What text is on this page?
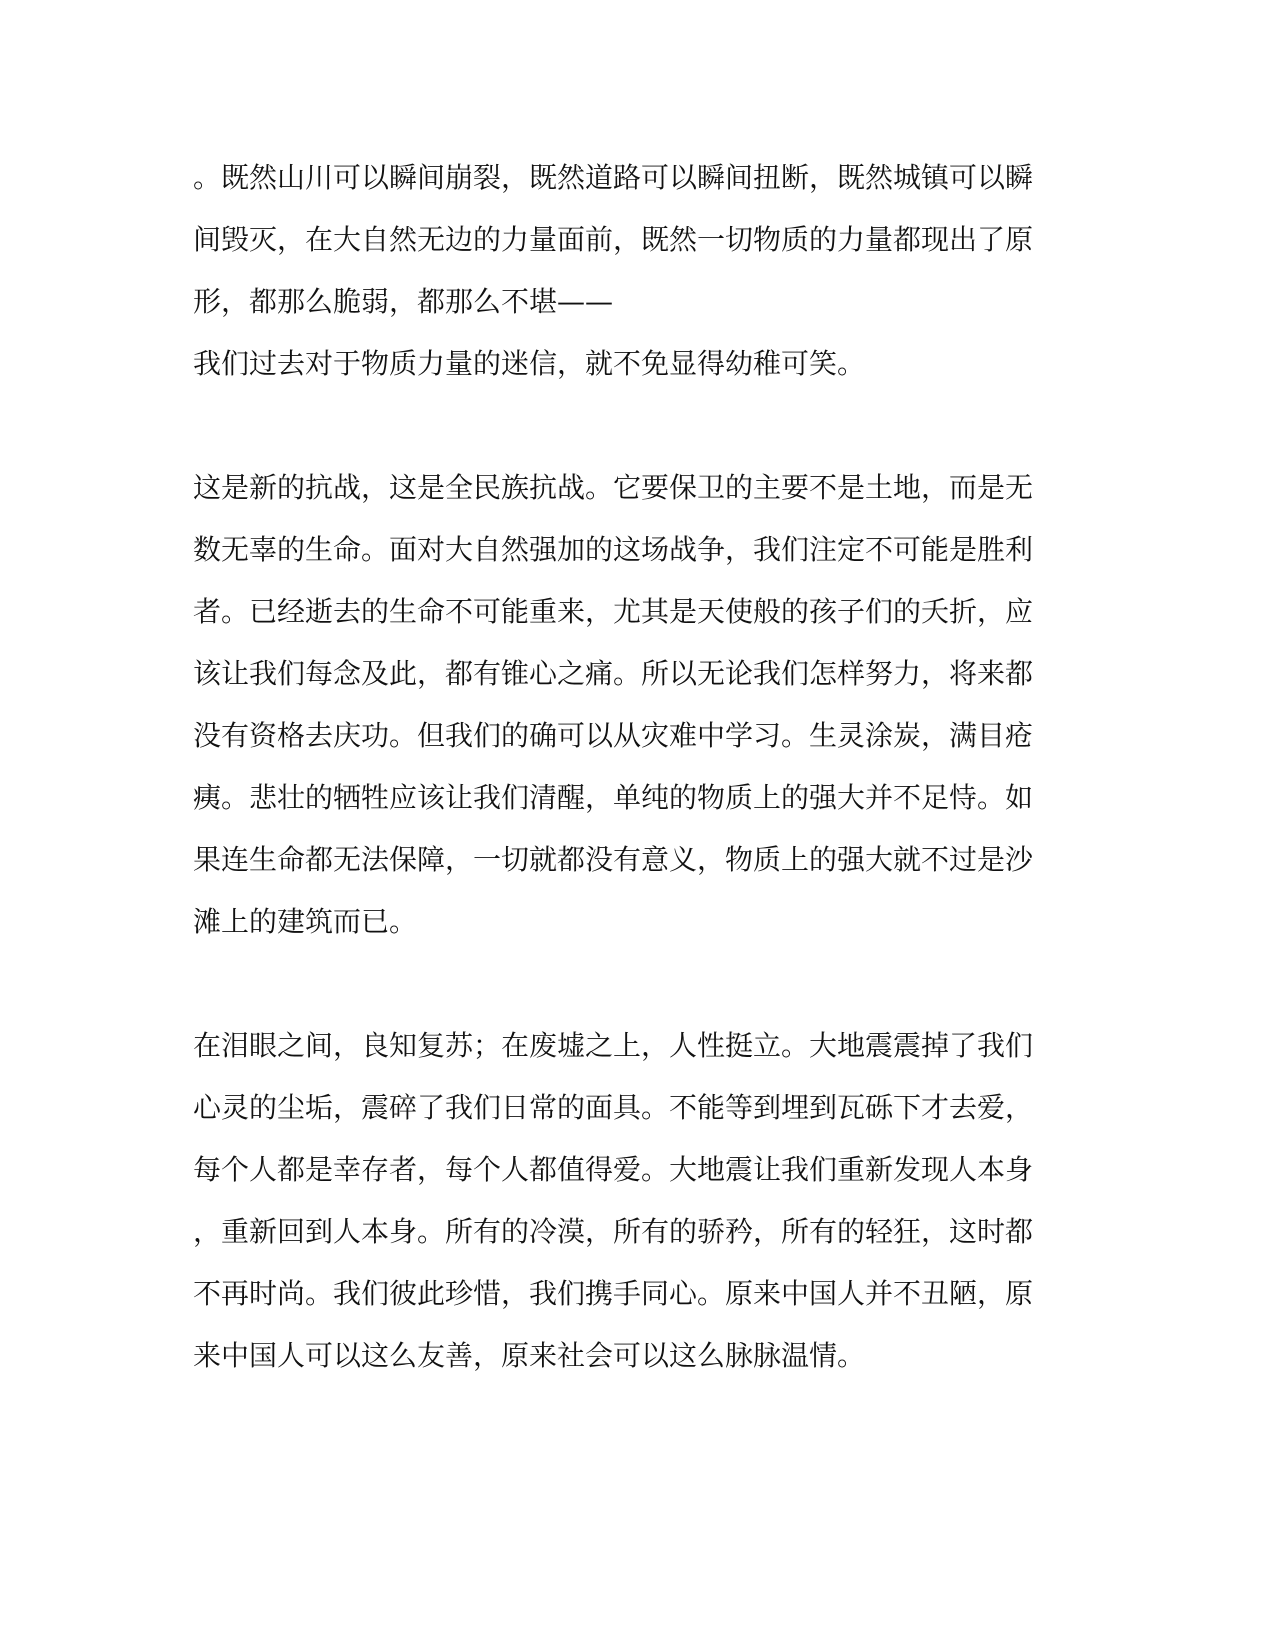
。既然山川可以瞬间崩裂，既然道路可以瞬间扭断，既然城镇可以瞬
间毁灭，在大自然无边的力量面前，既然一切物质的力量都现出了原
形，都那么脆弱，都那么不堪——
我们过去对于物质力量的迷信，就不免显得幼稚可笑。
这是新的抗战，这是全民族抗战。它要保卫的主要不是土地，而是无
数无辜的生命。面对大自然强加的这场战争，我们注定不可能是胜利
者。已经逝去的生命不可能重来，尤其是天使般的孩子们的夭折，应
该让我们每念及此，都有锥心之痛。所以无论我们怎样努力，将来都
没有资格去庆功。但我们的确可以从灾难中学习。生灵涂炭，满目疮
痍。悲壮的牺牲应该让我们清醒，单纯的物质上的强大并不足恃。如
果连生命都无法保障，一切就都没有意义，物质上的强大就不过是沙
滩上的建筑而已。
在泪眼之间，良知复苏；在废墟之上，人性挺立。大地震震掉了我们
心灵的尘垢，震碎了我们日常的面具。不能等到埋到瓦砾下才去爱，
每个人都是幸存者，每个人都值得爱。大地震让我们重新发现人本身
，重新回到人本身。所有的冷漠，所有的骄矜，所有的轻狂，这时都
不再时尚。我们彼此珍惜，我们携手同心。原来中国人并不丑陋，原
来中国人可以这么友善，原来社会可以这么脉脉温情。
